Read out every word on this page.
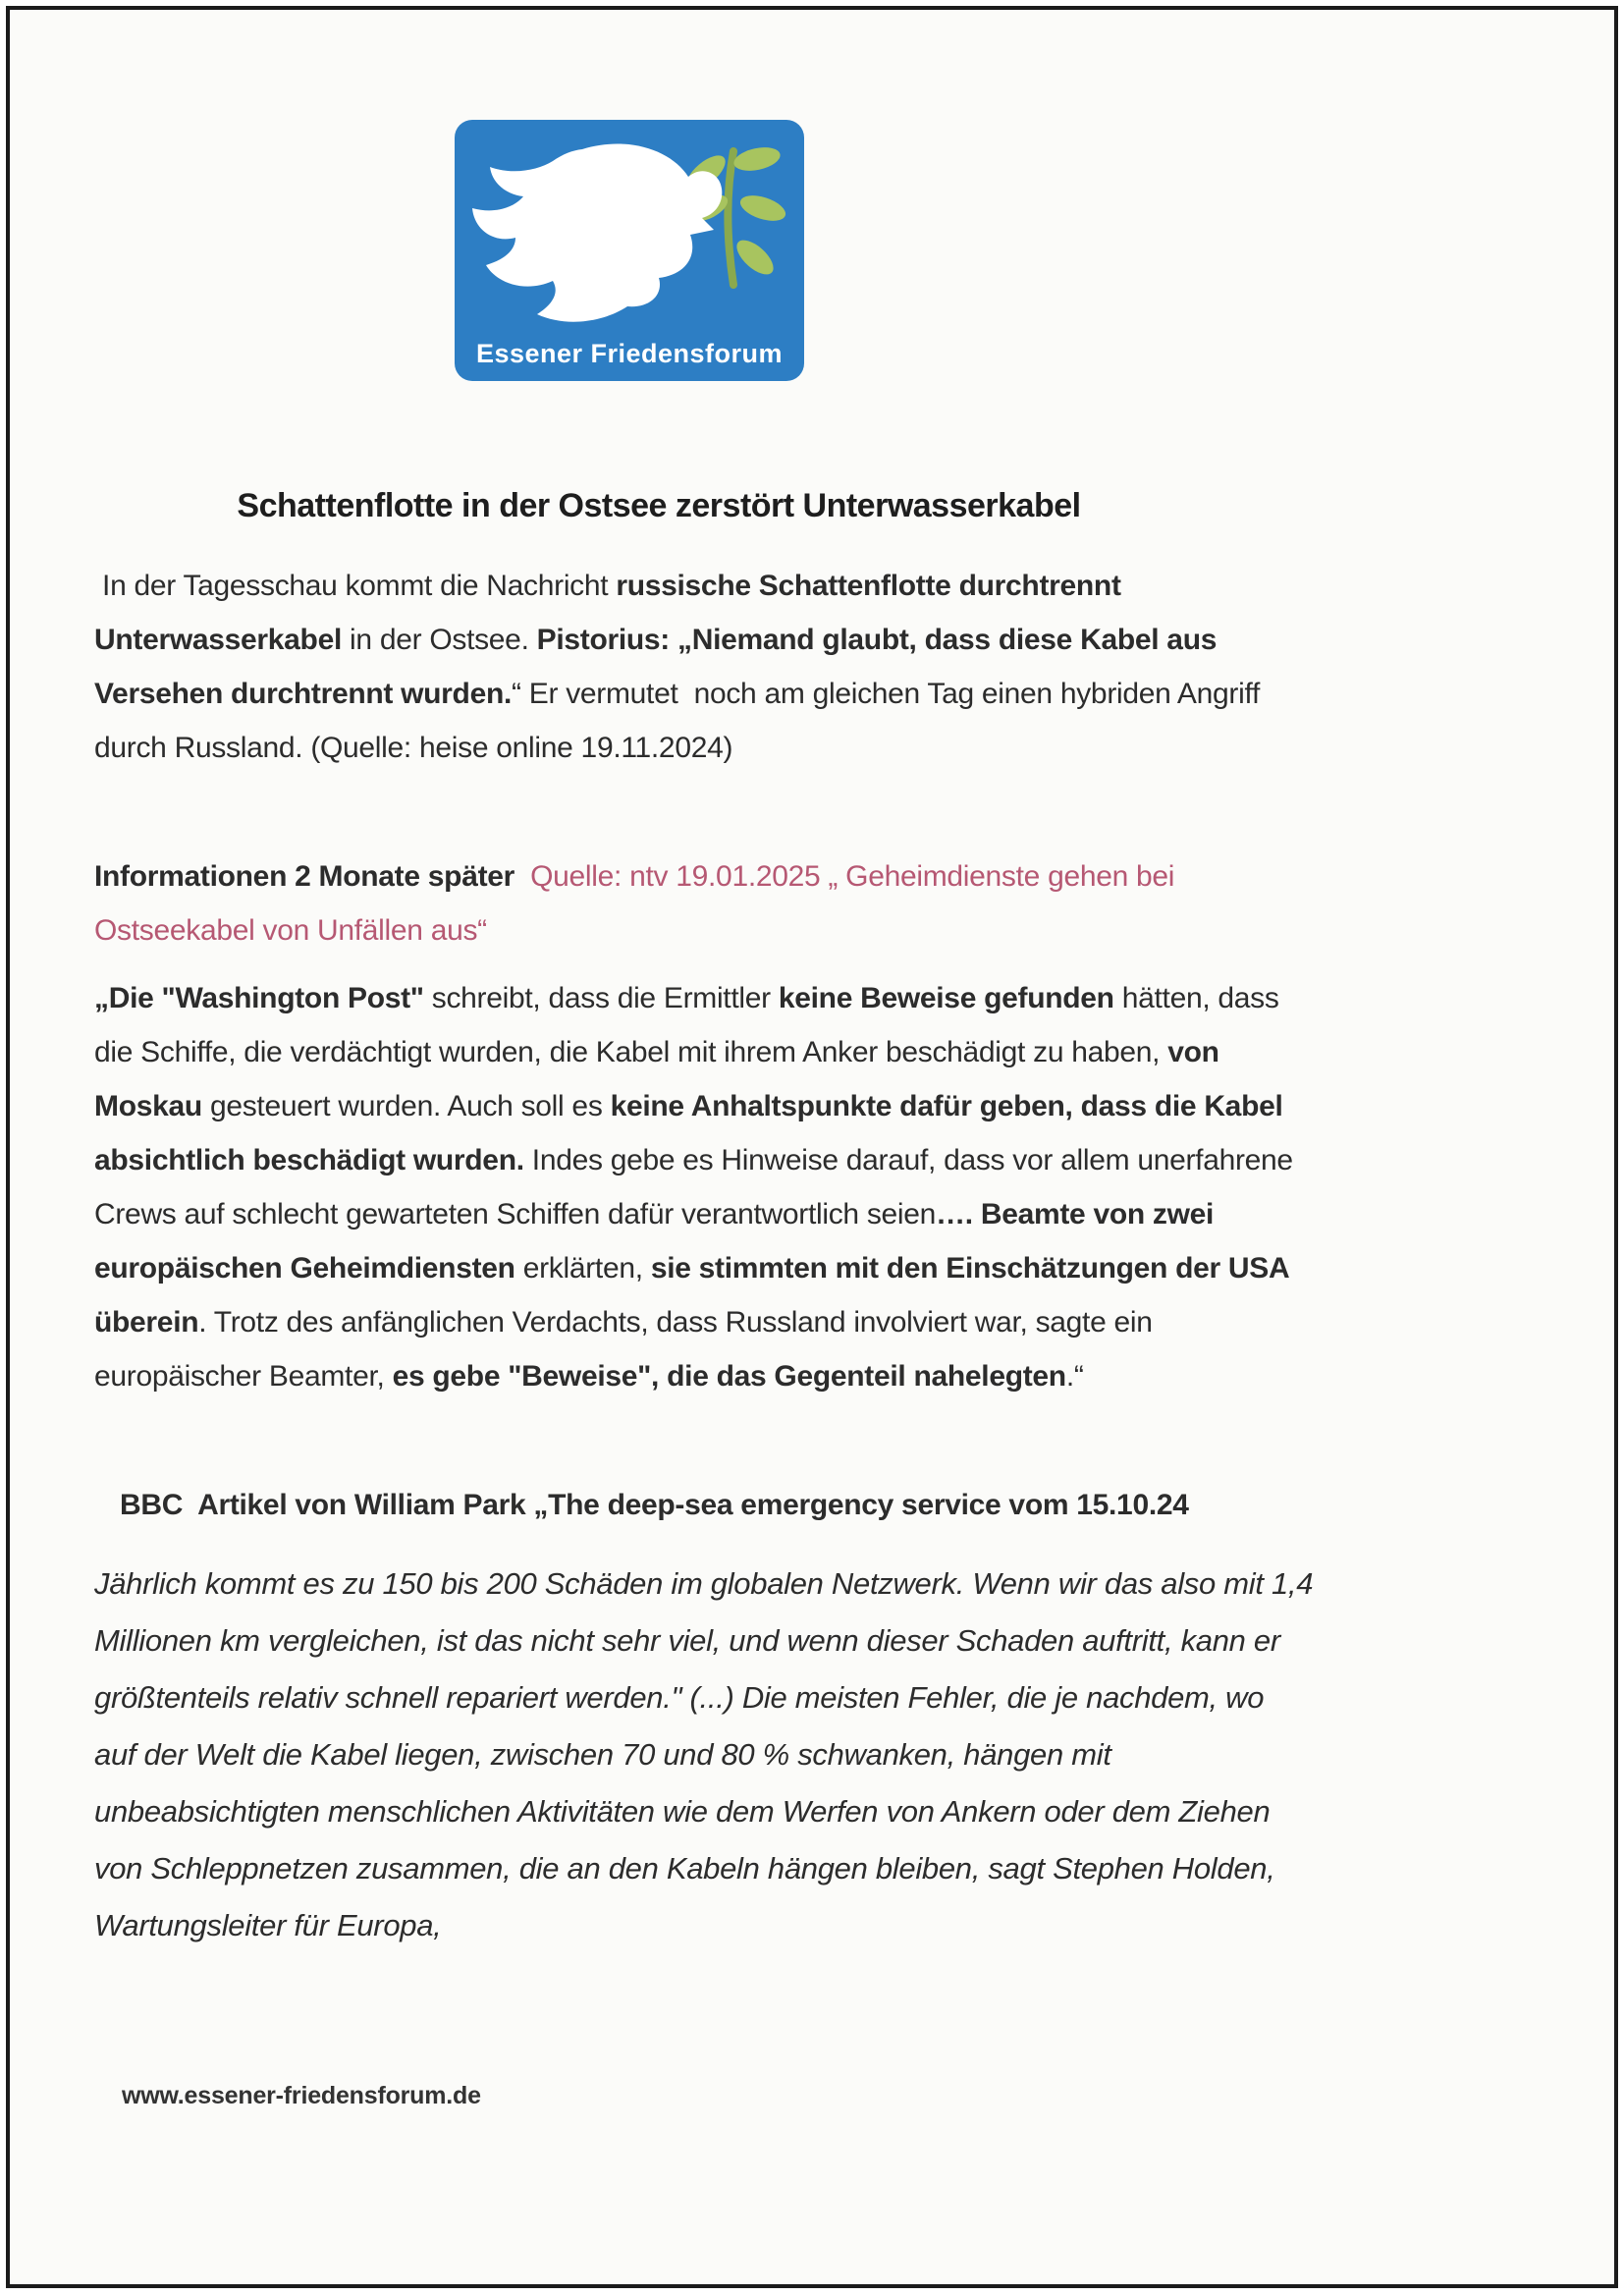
Essener Friedensforum
Schattenflotte in der Ostsee zerstört Unterwasserkabel
In der Tagesschau kommt die Nachricht russische Schattenflotte durchtrennt
Unterwasserkabel in der Ostsee. Pistorius: „Niemand glaubt, dass diese Kabel aus
Versehen durchtrennt wurden.“ Er vermutet  noch am gleichen Tag einen hybriden Angriff
durch Russland. (Quelle: heise online 19.11.2024)
Informationen 2 Monate später Quelle: ntv 19.01.2025 „ Geheimdienste gehen bei
Ostseekabel von Unfällen aus“
„Die "Washington Post" schreibt, dass die Ermittler keine Beweise gefunden hätten, dass
die Schiffe, die verdächtigt wurden, die Kabel mit ihrem Anker beschädigt zu haben, von
Moskau gesteuert wurden. Auch soll es keine Anhaltspunkte dafür geben, dass die Kabel
absichtlich beschädigt wurden. Indes gebe es Hinweise darauf, dass vor allem unerfahrene
Crews auf schlecht gewarteten Schiffen dafür verantwortlich seien…. Beamte von zwei
europäischen Geheimdiensten erklärten, sie stimmten mit den Einschätzungen der USA
überein. Trotz des anfänglichen Verdachts, dass Russland involviert war, sagte ein
europäischer Beamter, es gebe "Beweise", die das Gegenteil nahelegten.“
BBC  Artikel von William Park „The deep-sea emergency service vom 15.10.24
Jährlich kommt es zu 150 bis 200 Schäden im globalen Netzwerk. Wenn wir das also mit 1,4
Millionen km vergleichen, ist das nicht sehr viel, und wenn dieser Schaden auftritt, kann er
größtenteils relativ schnell repariert werden." (...) Die meisten Fehler, die je nachdem, wo
auf der Welt die Kabel liegen, zwischen 70 und 80 % schwanken, hängen mit
unbeabsichtigten menschlichen Aktivitäten wie dem Werfen von Ankern oder dem Ziehen
von Schleppnetzen zusammen, die an den Kabeln hängen bleiben, sagt Stephen Holden,
Wartungsleiter für Europa,
www.essener-friedensforum.de
